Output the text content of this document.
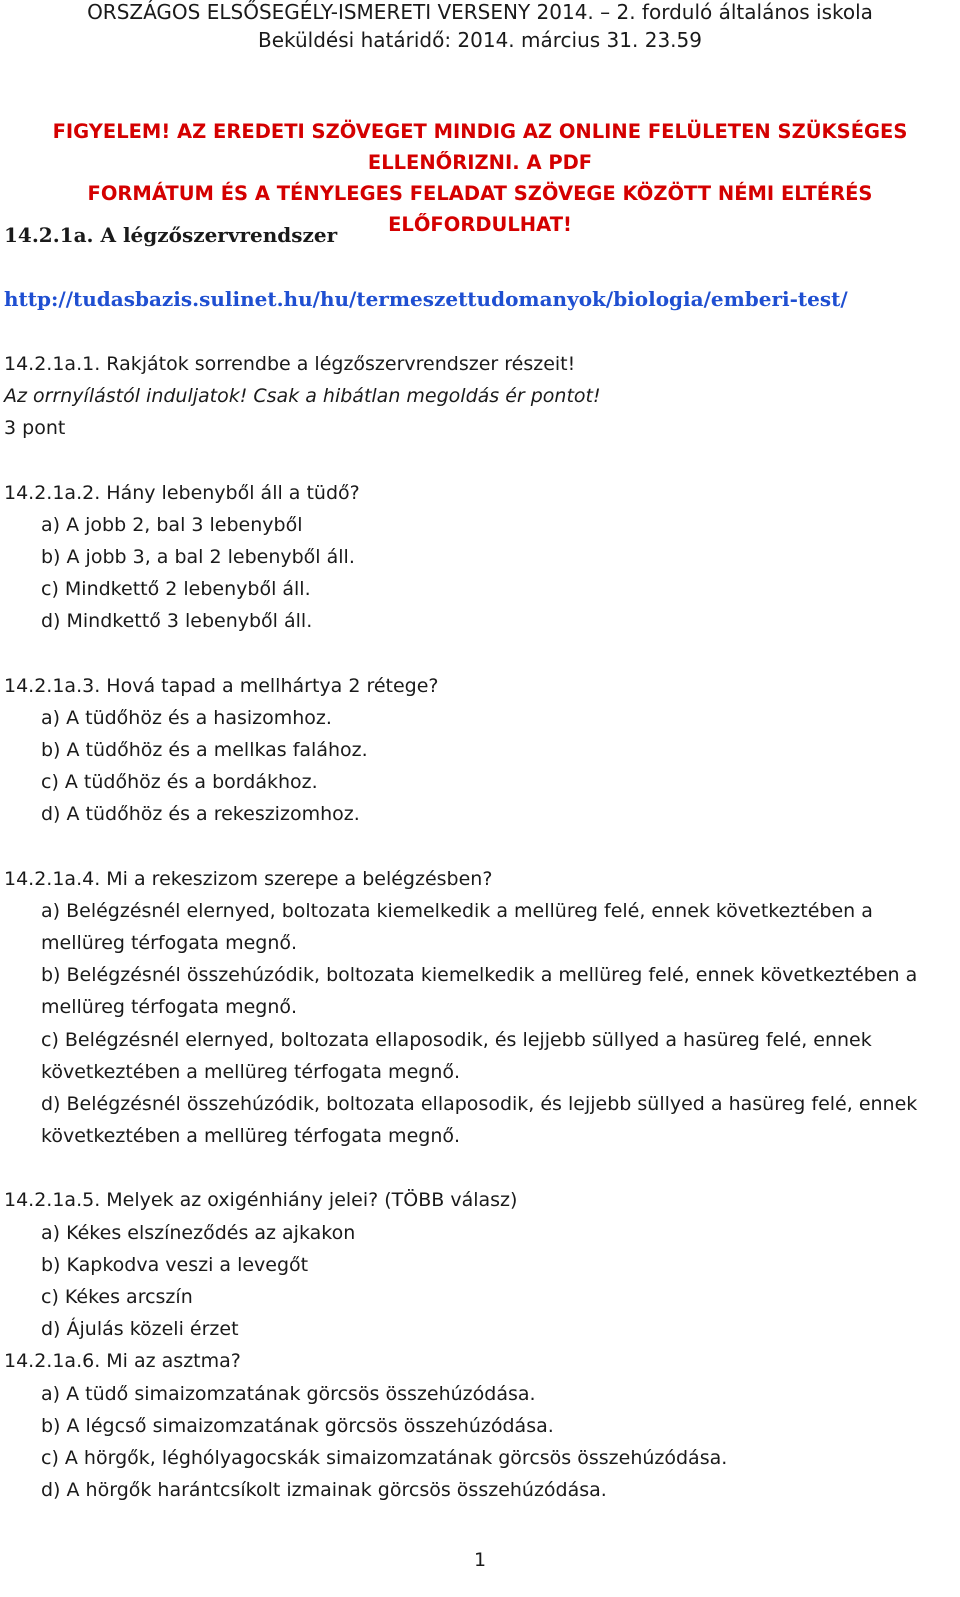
ORSZÁGOS ELSŐSEGÉLY-ISMERETI VERSENY 2014. – 2. forduló általános iskola
Beküldési határidő: 2014. március 31. 23.59
FIGYELEM! AZ EREDETI SZÖVEGET MINDIG AZ ONLINE FELÜLETEN SZÜKSÉGES ELLENŐRIZNI. A PDF
FORMÁTUM ÉS A TÉNYLEGES FELADAT SZÖVEGE KÖZÖTT NÉMI ELTÉRÉS ELŐFORDULHAT!
14.2.1a. A légzőszervrendszer
http://tudasbazis.sulinet.hu/hu/termeszettudomanyok/biologia/emberi-test/

14.2.1a.1. Rakjátok sorrendbe a légzőszervrendszer részeit!

Az orrnyílástól induljatok! Csak a hibátlan megoldás ér pontot!

3 pont

14.2.1a.2. Hány lebenyből áll a tüdő?

a) A jobb 2, bal 3 lebenyből

b) A jobb 3, a bal 2 lebenyből áll.

c) Mindkettő 2 lebenyből áll.

d) Mindkettő 3 lebenyből áll.

14.2.1a.3. Hová tapad a mellhártya 2 rétege?

a) A tüdőhöz és a hasizomhoz.

b) A tüdőhöz és a mellkas falához.

c) A tüdőhöz és a bordákhoz.

d) A tüdőhöz és a rekeszizomhoz.

14.2.1a.4. Mi a rekeszizom szerepe a belégzésben?

a) Belégzésnél elernyed, boltozata kiemelkedik a mellüreg felé, ennek következtében a mellüreg térfogata megnő.

b) Belégzésnél összehúzódik, boltozata kiemelkedik a mellüreg felé, ennek következtében a mellüreg térfogata megnő.

c) Belégzésnél elernyed, boltozata ellaposodik, és lejjebb süllyed a hasüreg felé, ennek következtében a mellüreg térfogata megnő.

d) Belégzésnél összehúzódik, boltozata ellaposodik, és lejjebb süllyed a hasüreg felé, ennek következtében a mellüreg térfogata megnő.

14.2.1a.5. Melyek az oxigénhiány jelei? (TÖBB válasz)

a) Kékes elszíneződés az ajkakon

b) Kapkodva veszi a levegőt

c) Kékes arcszín

d) Ájulás közeli érzet

14.2.1a.6. Mi az asztma?

a) A tüdő simaizomzatának görcsös összehúzódása.

b) A légcső simaizomzatának görcsös összehúzódása.

c) A hörgők, léghólyagocskák simaizomzatának görcsös összehúzódása.

d) A hörgők harántcsíkolt izmainak görcsös összehúzódása.

1
